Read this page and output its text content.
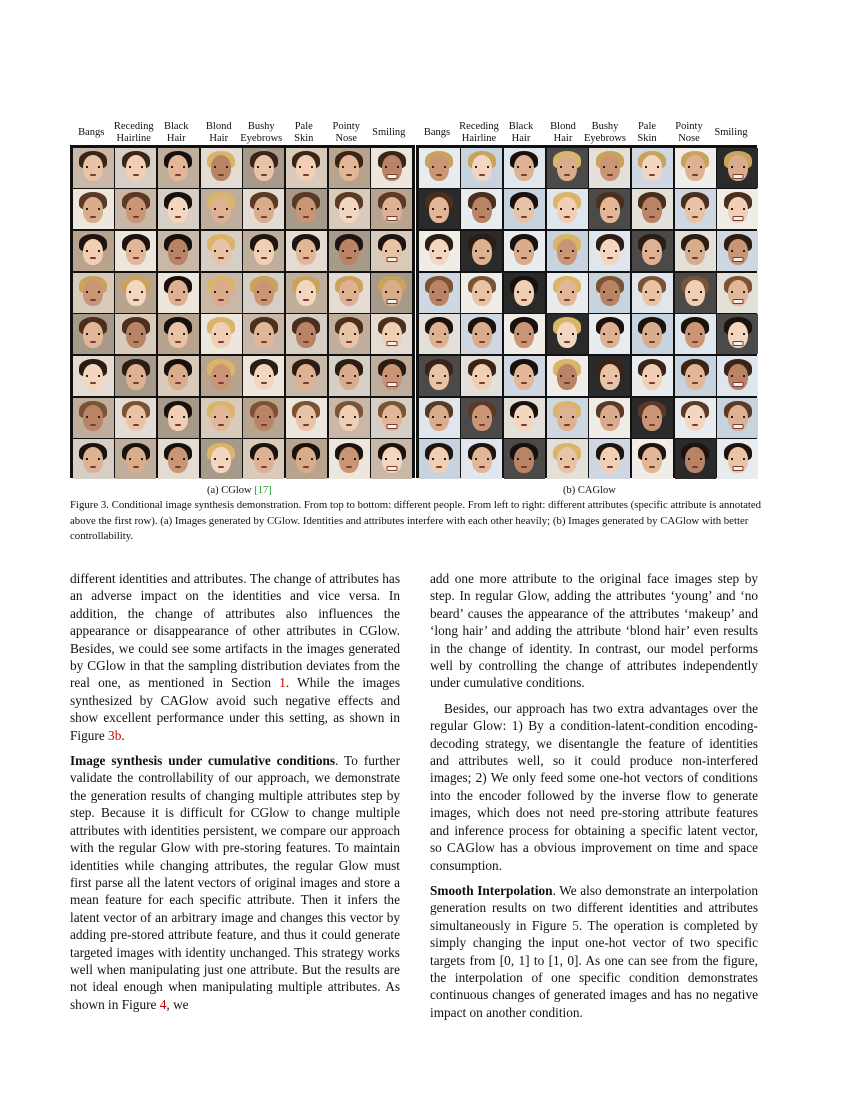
Bangs
Receding
Hairline
Black
Hair
Blond
Hair
Bushy
Eyebrows
Pale
Skin
Pointy
Nose
Smiling	Bangs
Receding
Hairline
Black
Hair
Blond
Hair
Bushy
Eyebrows
Pale
Skin
Pointy
Nose
Smiling
(a) CGlow [17]	(b) CAGlow
Figure 3. Conditional image synthesis demonstration. From top to bottom: different people. From left to right: different attributes (specific attribute is annotated above the first row). (a) Images generated by CGlow. Identities and attributes interfere with each other heavily; (b) Images generated by CAGlow with better controllability.

different identities and attributes. The change of attributes has an adverse impact on the identities and vice versa. In addition, the change of attributes also influences the appearance or disappearance of other attributes in CGlow. Besides, we could see some artifacts in the images generated by CGlow in that the sampling distribution deviates from the real one, as mentioned in Section 1. While the images synthesized by CAGlow avoid such negative effects and show excellent performance under this setting, as shown in Figure 3b.

Image synthesis under cumulative conditions. To further validate the controllability of our approach, we demonstrate the generation results of changing multiple attributes step by step. Because it is difficult for CGlow to change multiple attributes with identities persistent, we compare our approach with the regular Glow with pre-storing features. To maintain identities while changing attributes, the regular Glow must first parse all the latent vectors of original images and store a mean feature for each specific attribute. Then it infers the latent vector of an arbitrary image and changes this vector by adding pre-stored attribute feature, and thus it could generate targeted images with identity unchanged. This strategy works well when manipulating just one attribute. But the results are not ideal enough when manipulating multiple attributes. As shown in Figure 4, we

add one more attribute to the original face images step by step. In regular Glow, adding the attributes ‘young’ and ‘no beard’ causes the appearance of the attributes ‘makeup’ and ‘long hair’ and adding the attribute ‘blond hair’ even results in the change of identity. In contrast, our model performs well by controlling the change of attributes independently under cumulative conditions.

Besides, our approach has two extra advantages over the regular Glow: 1) By a condition-latent-condition encoding-decoding strategy, we disentangle the feature of identities and attributes well, so it could produce non-interfered images; 2) We only feed some one-hot vectors of conditions into the encoder followed by the inverse flow to generate images, which does not need pre-storing attribute features and inference process for obtaining a specific latent vector, so CAGlow has a obvious improvement on time and space consumption.

Smooth Interpolation. We also demonstrate an interpolation generation results on two different identities and attributes simultaneously in Figure 5. The operation is completed by simply changing the input one-hot vector of two specific targets from [0, 1] to [1, 0]. As one can see from the figure, the interpolation of one specific condition demonstrates continuous changes of generated images and has no negative impact on another condition.
